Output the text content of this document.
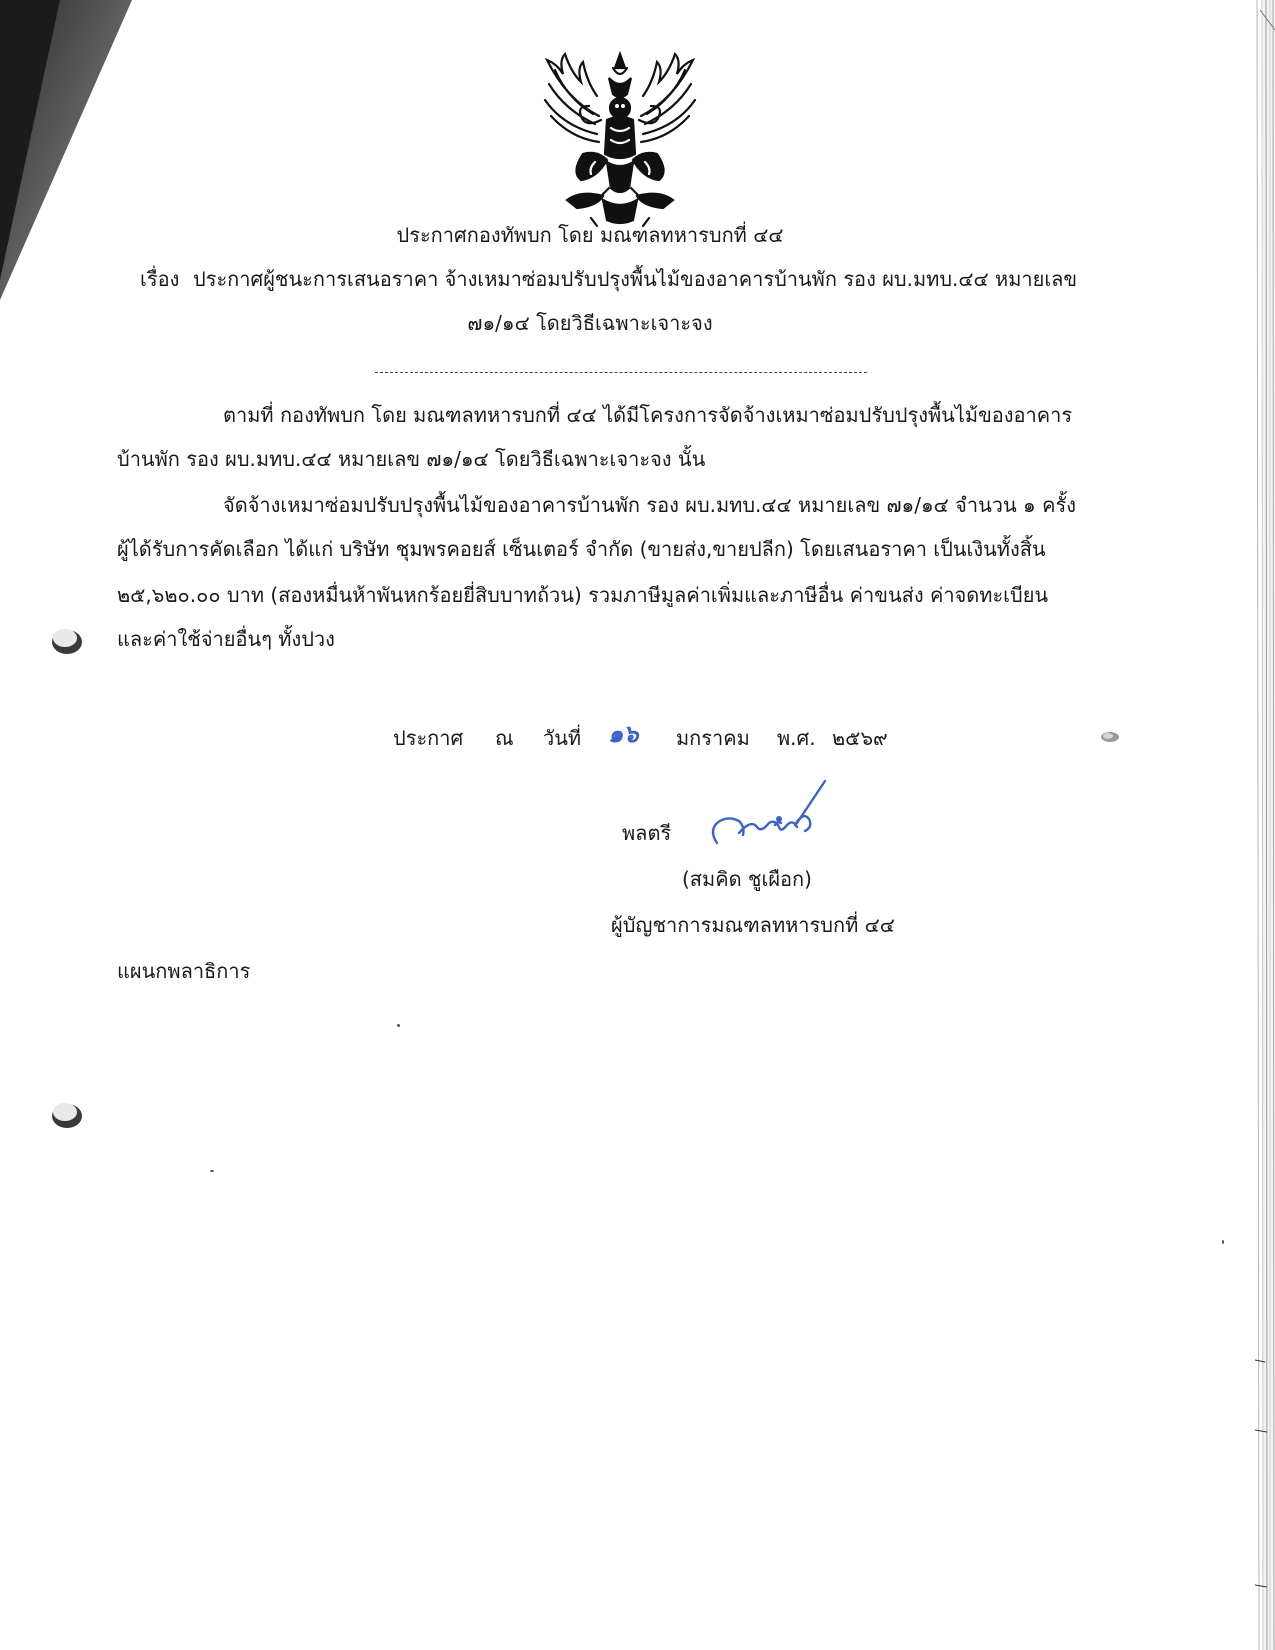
ประกาศกองทัพบก โดย มณฑลทหารบกที่ ๔๔

เรื่อง ประกาศผู้ชนะการเสนอราคา จ้างเหมาซ่อมปรับปรุงพื้นไม้ของอาคารบ้านพัก รอง ผบ.มทบ.๔๔ หมายเลข

๗๑/๑๔ โดยวิธีเฉพาะเจาะจง

ตามที่ กองทัพบก โดย มณฑลทหารบกที่ ๔๔ ได้มีโครงการจัดจ้างเหมาซ่อมปรับปรุงพื้นไม้ของอาคาร

บ้านพัก รอง ผบ.มทบ.๔๔ หมายเลข ๗๑/๑๔ โดยวิธีเฉพาะเจาะจง นั้น

จัดจ้างเหมาซ่อมปรับปรุงพื้นไม้ของอาคารบ้านพัก รอง ผบ.มทบ.๔๔ หมายเลข ๗๑/๑๔ จำนวน ๑ ครั้ง

ผู้ได้รับการคัดเลือก ได้แก่ บริษัท ชุมพรคอยส์ เซ็นเตอร์ จำกัด (ขายส่ง,ขายปลีก) โดยเสนอราคา เป็นเงินทั้งสิ้น

๒๕,๖๒๐.๐๐ บาท (สองหมื่นห้าพันหกร้อยยี่สิบบาทถ้วน) รวมภาษีมูลค่าเพิ่มและภาษีอื่น ค่าขนส่ง ค่าจดทะเบียน

และค่าใช้จ่ายอื่นๆ ทั้งปวง

ประกาศ ณ วันที่ ๑๖ มกราคม พ.ศ. ๒๕๖๙

พลตรี

(สมคิด ชูเผือก)

ผู้บัญชาการมณฑลทหารบกที่ ๔๔

แผนกพลาธิการ
